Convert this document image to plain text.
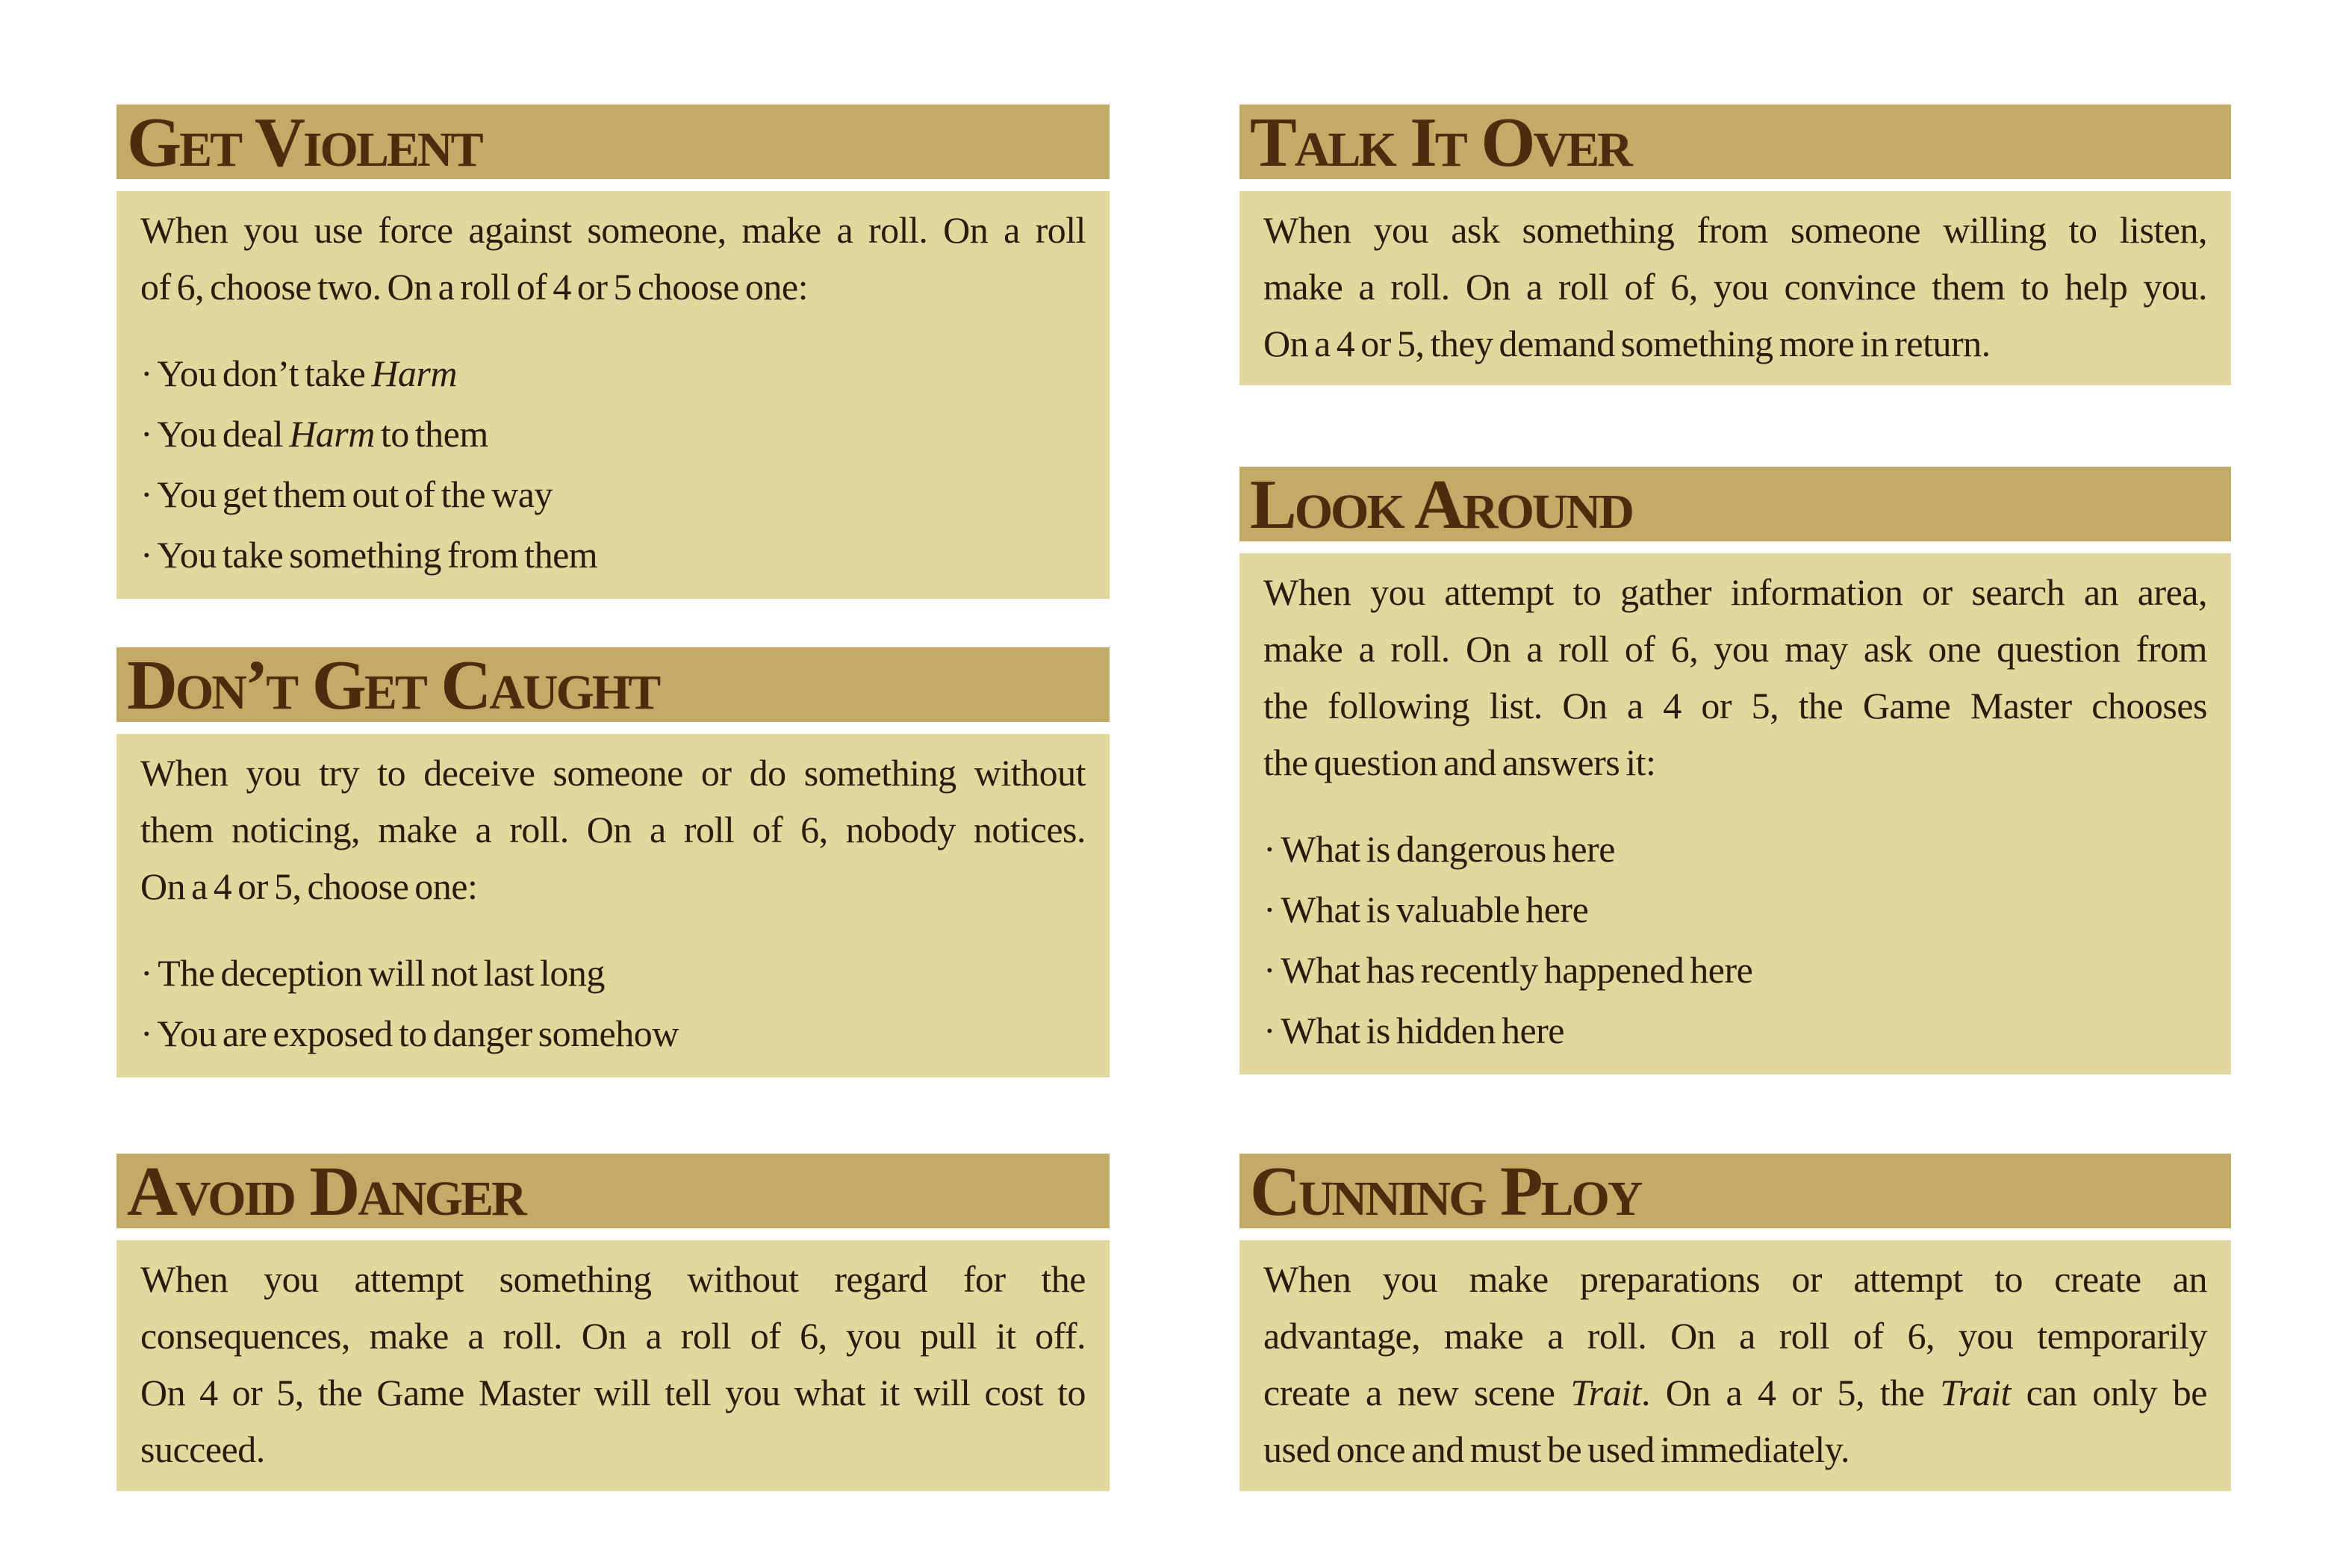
Get Violent
When you use force against someone, make a roll. On a roll
of 6, choose two. On a roll of 4 or 5 choose one:
· You don’t take Harm
· You deal Harm to them
· You get them out of the way
· You take something from them
Don’t Get Caught
When you try to deceive someone or do something without
them noticing, make a roll. On a roll of 6, nobody notices.
On a 4 or 5, choose one:
· The deception will not last long
· You are exposed to danger somehow
Avoid Danger
When you attempt something without regard for the
consequences, make a roll. On a roll of 6, you pull it off.
On 4 or 5, the Game Master will tell you what it will cost to
succeed.
Talk It Over
When you ask something from someone willing to listen,
make a roll. On a roll of 6, you convince them to help you.
On a 4 or 5, they demand something more in return.
Look Around
When you attempt to gather information or search an area,
make a roll. On a roll of 6, you may ask one question from
the following list. On a 4 or 5, the Game Master chooses
the question and answers it:
· What is dangerous here
· What is valuable here
· What has recently happened here
· What is hidden here
Cunning Ploy
When you make preparations or attempt to create an
advantage, make a roll. On a roll of 6, you temporarily
create a new scene Trait. On a 4 or 5, the Trait can only be
used once and must be used immediately.
